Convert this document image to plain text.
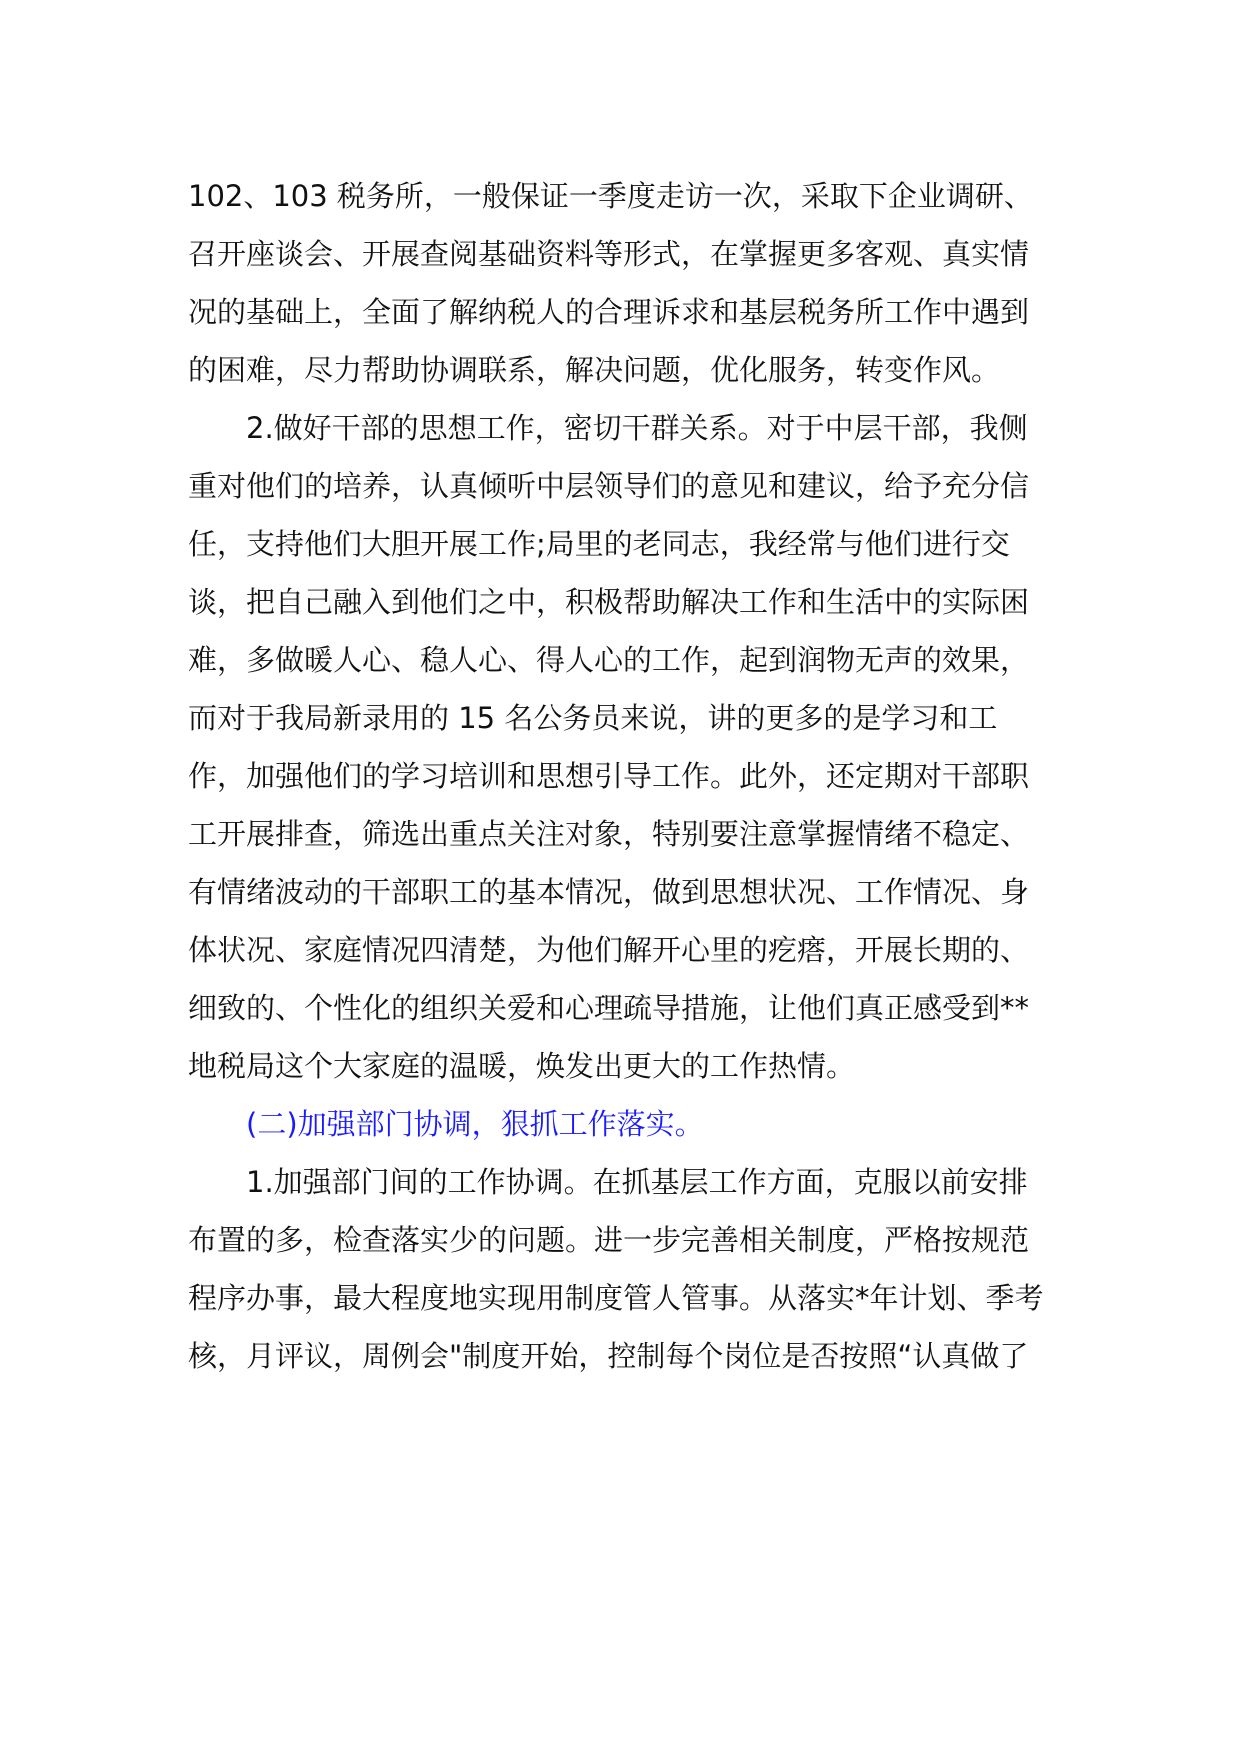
102、103 税务所，一般保证一季度走访一次，采取下企业调研、
召开座谈会、开展查阅基础资料等形式，在掌握更多客观、真实情
况的基础上，全面了解纳税人的合理诉求和基层税务所工作中遇到
的困难，尽力帮助协调联系，解决问题，优化服务，转变作风。
2.做好干部的思想工作，密切干群关系。对于中层干部，我侧
重对他们的培养，认真倾听中层领导们的意见和建议，给予充分信
任，支持他们大胆开展工作;局里的老同志，我经常与他们进行交
谈，把自己融入到他们之中，积极帮助解决工作和生活中的实际困
难，多做暖人心、稳人心、得人心的工作，起到润物无声的效果，
而对于我局新录用的 15 名公务员来说，讲的更多的是学习和工
作，加强他们的学习培训和思想引导工作。此外，还定期对干部职
工开展排查，筛选出重点关注对象，特别要注意掌握情绪不稳定、
有情绪波动的干部职工的基本情况，做到思想状况、工作情况、身
体状况、家庭情况四清楚，为他们解开心里的疙瘩，开展长期的、
细致的、个性化的组织关爱和心理疏导措施，让他们真正感受到**
地税局这个大家庭的温暖，焕发出更大的工作热情。
(二)加强部门协调，狠抓工作落实。
1.加强部门间的工作协调。在抓基层工作方面，克服以前安排
布置的多，检查落实少的问题。进一步完善相关制度，严格按规范
程序办事，最大程度地实现用制度管人管事。从落实*年计划、季考
核，月评议，周例会"制度开始，控制每个岗位是否按照“认真做了
